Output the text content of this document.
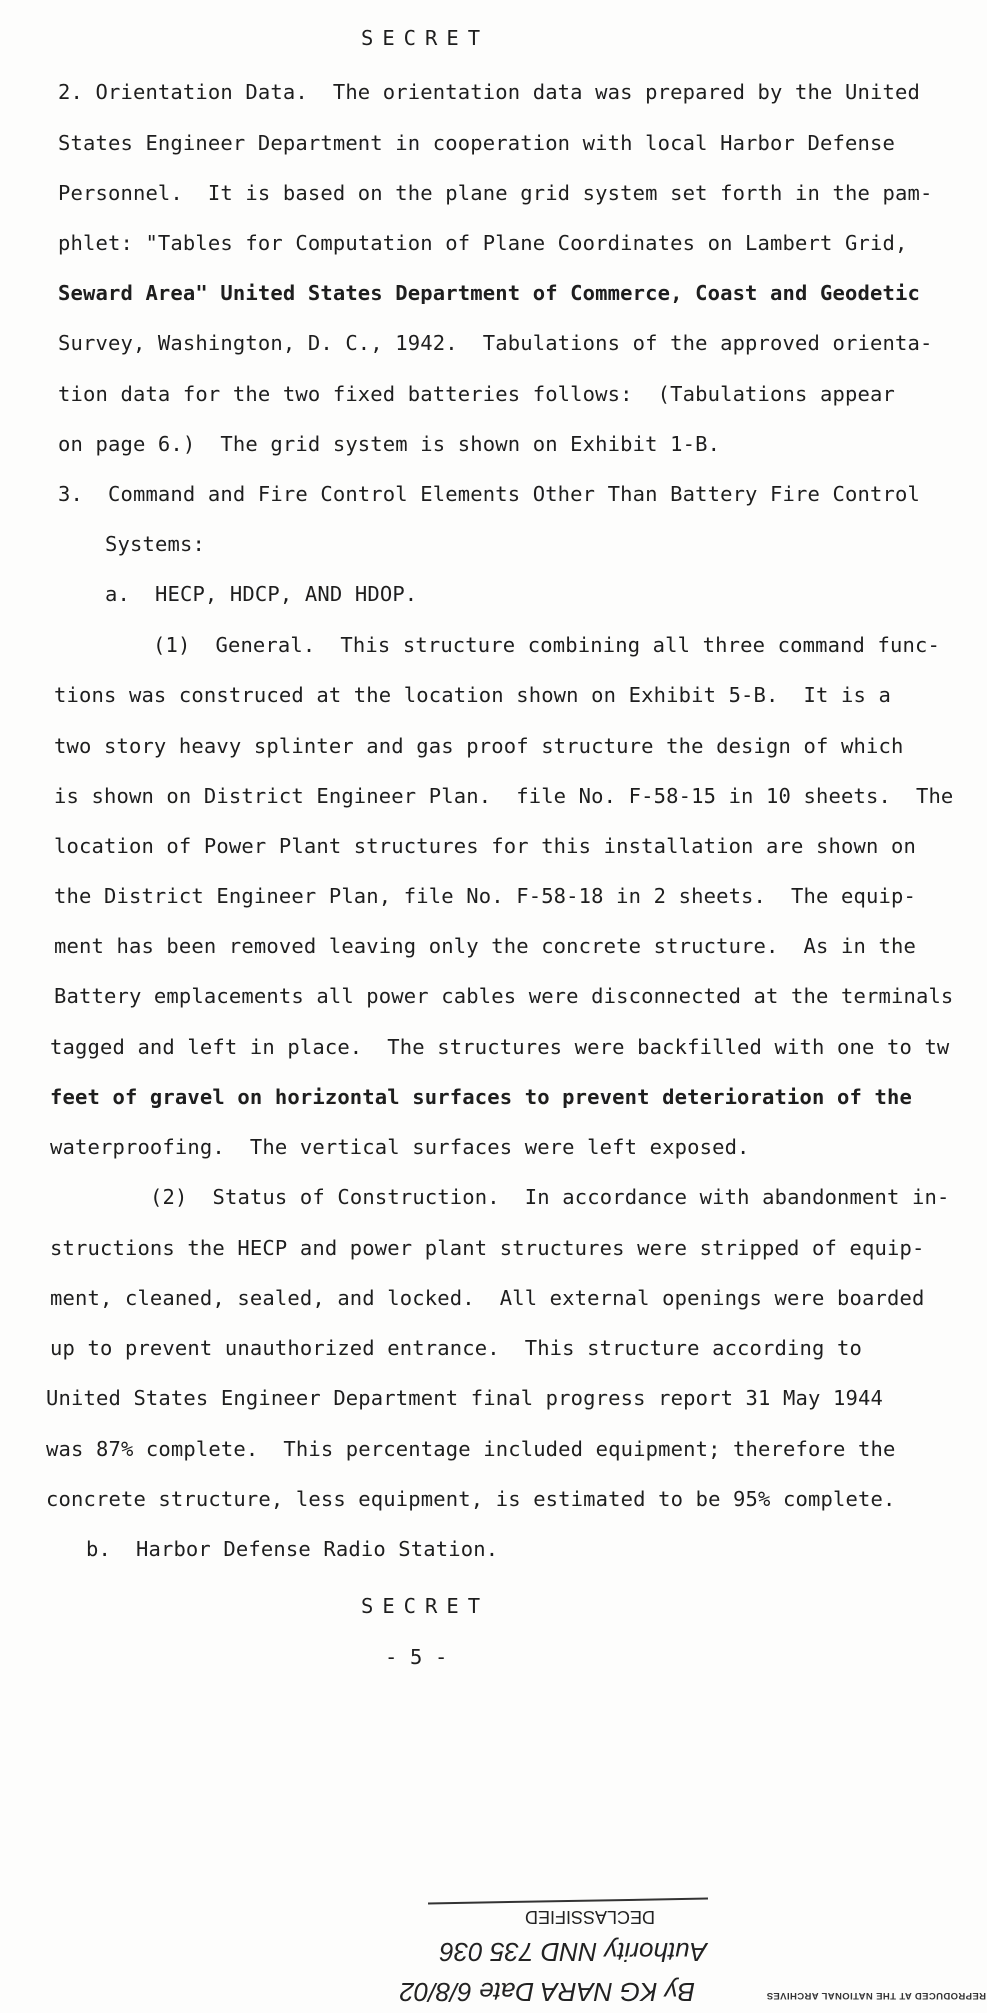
SECRET
2. Orientation Data.  The orientation data was prepared by the United
States Engineer Department in cooperation with local Harbor Defense
Personnel.  It is based on the plane grid system set forth in the pam-
phlet: "Tables for Computation of Plane Coordinates on Lambert Grid,
Seward Area" United States Department of Commerce, Coast and Geodetic
Survey, Washington, D. C., 1942.  Tabulations of the approved orienta-
tion data for the two fixed batteries follows:  (Tabulations appear
on page 6.)  The grid system is shown on Exhibit 1-B.
3.  Command and Fire Control Elements Other Than Battery Fire Control
Systems:
a.  HECP, HDCP, AND HDOP.
(1)  General.  This structure combining all three command func-
tions was construced at the location shown on Exhibit 5-B.  It is a
two story heavy splinter and gas proof structure the design of which
is shown on District Engineer Plan.  file No. F-58-15 in 10 sheets.  The
location of Power Plant structures for this installation are shown on
the District Engineer Plan, file No. F-58-18 in 2 sheets.  The equip-
ment has been removed leaving only the concrete structure.  As in the
Battery emplacements all power cables were disconnected at the terminals
tagged and left in place.  The structures were backfilled with one to tw
feet of gravel on horizontal surfaces to prevent deterioration of the
waterproofing.  The vertical surfaces were left exposed.
(2)  Status of Construction.  In accordance with abandonment in-
structions the HECP and power plant structures were stripped of equip-
ment, cleaned, sealed, and locked.  All external openings were boarded
up to prevent unauthorized entrance.  This structure according to
United States Engineer Department final progress report 31 May 1944
was 87% complete.  This percentage included equipment; therefore the
concrete structure, less equipment, is estimated to be 95% complete.
b.  Harbor Defense Radio Station.
SECRET
- 5 -
By KG NARA Date 6/8/02
Authority NND 735 036
DECLASSIFIED
REPRODUCED AT THE NATIONAL ARCHIVES
